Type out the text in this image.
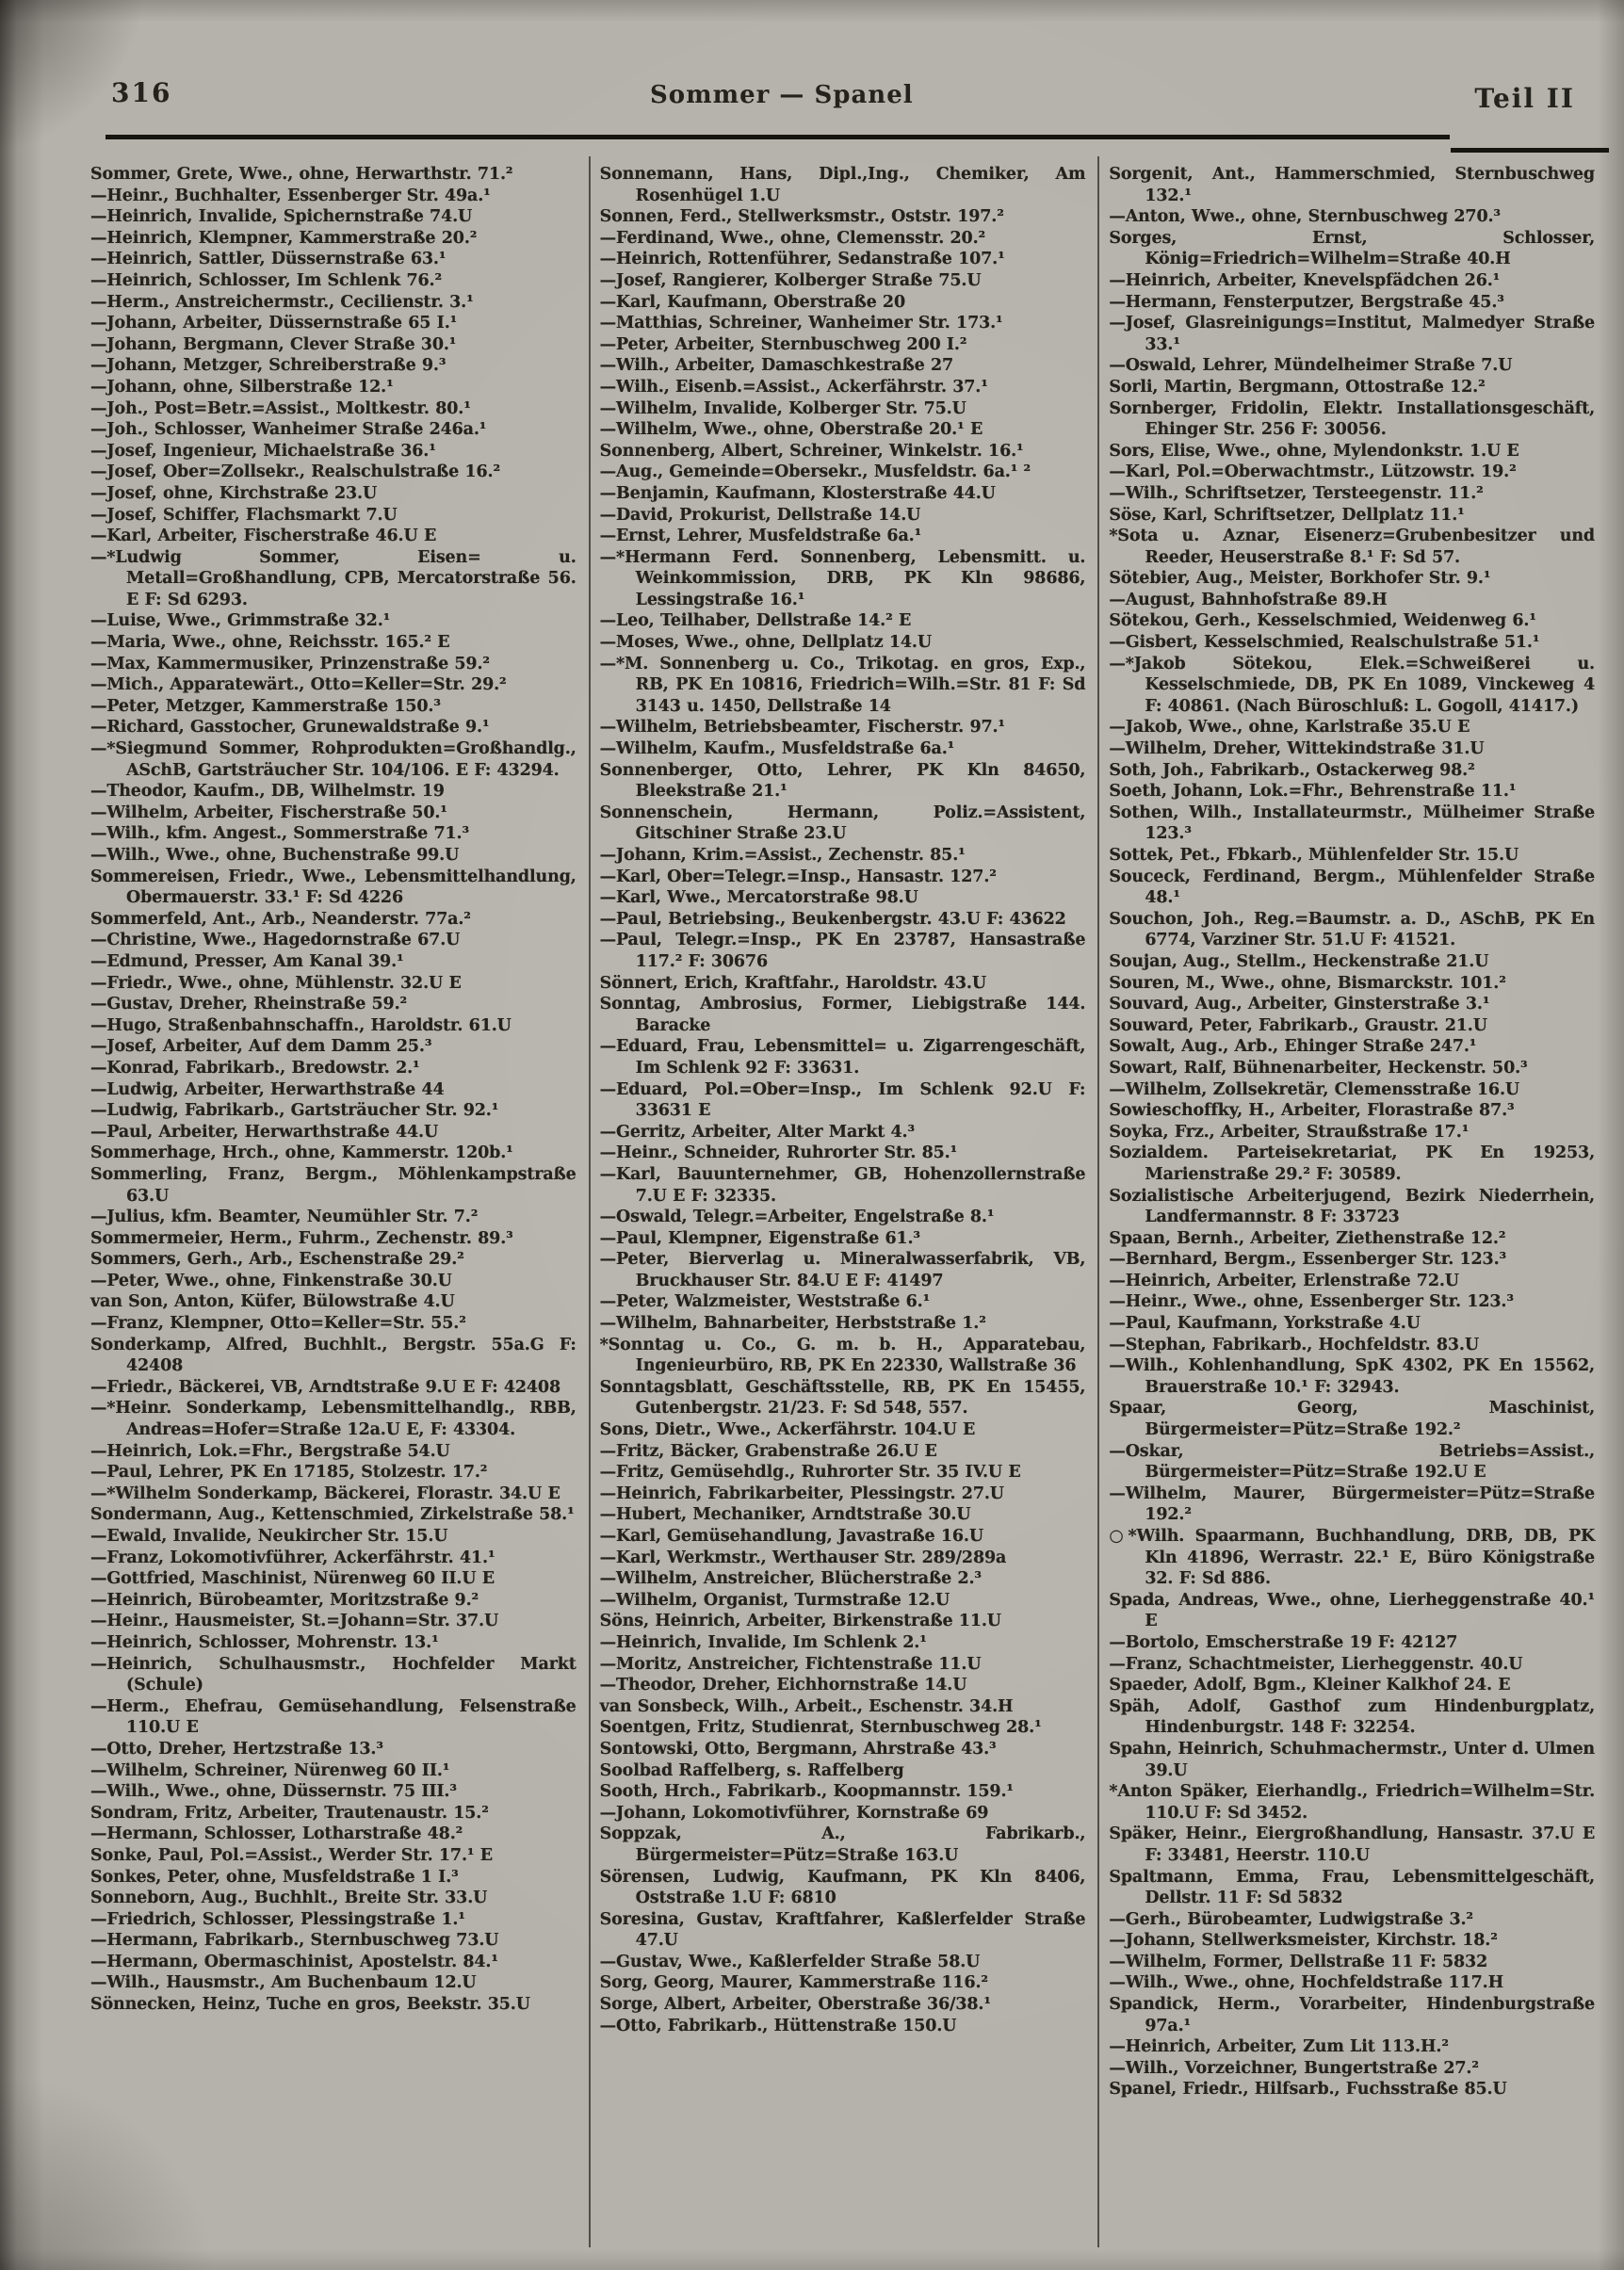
316	Sommer — Spanel	Teil II

Sommer, Grete, Wwe., ohne, Herwarthstr. 71.²

—Heinr., Buchhalter, Essenberger Str. 49a.¹

—Heinrich, Invalide, Spichernstraße 74.U

—Heinrich, Klempner, Kammerstraße 20.²

—Heinrich, Sattler, Düssernstraße 63.¹

—Heinrich, Schlosser, Im Schlenk 76.²

—Herm., Anstreichermstr., Cecilienstr. 3.¹

—Johann, Arbeiter, Düssernstraße 65 I.¹

—Johann, Bergmann, Clever Straße 30.¹

—Johann, Metzger, Schreiberstraße 9.³

—Johann, ohne, Silberstraße 12.¹

—Joh., Post=Betr.=Assist., Moltkestr. 80.¹

—Joh., Schlosser, Wanheimer Straße 246a.¹

—Josef, Ingenieur, Michaelstraße 36.¹

—Josef, Ober=Zollsekr., Realschulstraße 16.²

—Josef, ohne, Kirchstraße 23.U

—Josef, Schiffer, Flachsmarkt 7.U

—Karl, Arbeiter, Fischerstraße 46.U E

—*Ludwig Sommer, Eisen= u. Metall=Großhandlung, CPB, Mercatorstraße 56. E F: Sd 6293.

—Luise, Wwe., Grimmstraße 32.¹

—Maria, Wwe., ohne, Reichsstr. 165.² E

—Max, Kammermusiker, Prinzenstraße 59.²

—Mich., Apparatewärt., Otto=Keller=Str. 29.²

—Peter, Metzger, Kammerstraße 150.³

—Richard, Gasstocher, Grunewaldstraße 9.¹

—*Siegmund Sommer, Rohprodukten=Großhandlg., ASchB, Gartsträucher Str. 104/106. E F: 43294.

—Theodor, Kaufm., DB, Wilhelmstr. 19

—Wilhelm, Arbeiter, Fischerstraße 50.¹

—Wilh., kfm. Angest., Sommerstraße 71.³

—Wilh., Wwe., ohne, Buchenstraße 99.U

Sommereisen, Friedr., Wwe., Lebensmittelhandlung, Obermauerstr. 33.¹ F: Sd 4226

Sommerfeld, Ant., Arb., Neanderstr. 77a.²

—Christine, Wwe., Hagedornstraße 67.U

—Edmund, Presser, Am Kanal 39.¹

—Friedr., Wwe., ohne, Mühlenstr. 32.U E

—Gustav, Dreher, Rheinstraße 59.²

—Hugo, Straßenbahnschaffn., Haroldstr. 61.U

—Josef, Arbeiter, Auf dem Damm 25.³

—Konrad, Fabrikarb., Bredowstr. 2.¹

—Ludwig, Arbeiter, Herwarthstraße 44

—Ludwig, Fabrikarb., Gartsträucher Str. 92.¹

—Paul, Arbeiter, Herwarthstraße 44.U

Sommerhage, Hrch., ohne, Kammerstr. 120b.¹

Sommerling, Franz, Bergm., Möhlenkampstraße 63.U

—Julius, kfm. Beamter, Neumühler Str. 7.²

Sommermeier, Herm., Fuhrm., Zechenstr. 89.³

Sommers, Gerh., Arb., Eschenstraße 29.²

—Peter, Wwe., ohne, Finkenstraße 30.U

van Son, Anton, Küfer, Bülowstraße 4.U

—Franz, Klempner, Otto=Keller=Str. 55.²

Sonderkamp, Alfred, Buchhlt., Bergstr. 55a.G F: 42408

—Friedr., Bäckerei, VB, Arndtstraße 9.U E F: 42408

—*Heinr. Sonderkamp, Lebensmittelhandlg., RBB, Andreas=Hofer=Straße 12a.U E, F: 43304.

—Heinrich, Lok.=Fhr., Bergstraße 54.U

—Paul, Lehrer, PK En 17185, Stolzestr. 17.²

—*Wilhelm Sonderkamp, Bäckerei, Florastr. 34.U E

Sondermann, Aug., Kettenschmied, Zirkelstraße 58.¹

—Ewald, Invalide, Neukircher Str. 15.U

—Franz, Lokomotivführer, Ackerfährstr. 41.¹

—Gottfried, Maschinist, Nürenweg 60 II.U E

—Heinrich, Bürobeamter, Moritzstraße 9.²

—Heinr., Hausmeister, St.=Johann=Str. 37.U

—Heinrich, Schlosser, Mohrenstr. 13.¹

—Heinrich, Schulhausmstr., Hochfelder Markt (Schule)

—Herm., Ehefrau, Gemüsehandlung, Felsenstraße 110.U E

—Otto, Dreher, Hertzstraße 13.³

—Wilhelm, Schreiner, Nürenweg 60 II.¹

—Wilh., Wwe., ohne, Düssernstr. 75 III.³

Sondram, Fritz, Arbeiter, Trautenaustr. 15.²

—Hermann, Schlosser, Lotharstraße 48.²

Sonke, Paul, Pol.=Assist., Werder Str. 17.¹ E

Sonkes, Peter, ohne, Musfeldstraße 1 I.³

Sonneborn, Aug., Buchhlt., Breite Str. 33.U

—Friedrich, Schlosser, Plessingstraße 1.¹

—Hermann, Fabrikarb., Sternbuschweg 73.U

—Hermann, Obermaschinist, Apostelstr. 84.¹

—Wilh., Hausmstr., Am Buchenbaum 12.U

Sönnecken, Heinz, Tuche en gros, Beekstr. 35.U

Sonnemann, Hans, Dipl.,Ing., Chemiker, Am Rosenhügel 1.U

Sonnen, Ferd., Stellwerksmstr., Oststr. 197.²

—Ferdinand, Wwe., ohne, Clemensstr. 20.²

—Heinrich, Rottenführer, Sedanstraße 107.¹

—Josef, Rangierer, Kolberger Straße 75.U

—Karl, Kaufmann, Oberstraße 20

—Matthias, Schreiner, Wanheimer Str. 173.¹

—Peter, Arbeiter, Sternbuschweg 200 I.²

—Wilh., Arbeiter, Damaschkestraße 27

—Wilh., Eisenb.=Assist., Ackerfährstr. 37.¹

—Wilhelm, Invalide, Kolberger Str. 75.U

—Wilhelm, Wwe., ohne, Oberstraße 20.¹ E

Sonnenberg, Albert, Schreiner, Winkelstr. 16.¹

—Aug., Gemeinde=Obersekr., Musfeldstr. 6a.¹ ²

—Benjamin, Kaufmann, Klosterstraße 44.U

—David, Prokurist, Dellstraße 14.U

—Ernst, Lehrer, Musfeldstraße 6a.¹

—*Hermann Ferd. Sonnenberg, Lebensmitt. u. Weinkommission, DRB, PK Kln 98686, Lessingstraße 16.¹

—Leo, Teilhaber, Dellstraße 14.² E

—Moses, Wwe., ohne, Dellplatz 14.U

—*M. Sonnenberg u. Co., Trikotag. en gros, Exp., RB, PK En 10816, Friedrich=Wilh.=Str. 81 F: Sd 3143 u. 1450, Dellstraße 14

—Wilhelm, Betriebsbeamter, Fischerstr. 97.¹

—Wilhelm, Kaufm., Musfeldstraße 6a.¹

Sonnenberger, Otto, Lehrer, PK Kln 84650, Bleekstraße 21.¹

Sonnenschein, Hermann, Poliz.=Assistent, Gitschiner Straße 23.U

—Johann, Krim.=Assist., Zechenstr. 85.¹

—Karl, Ober=Telegr.=Insp., Hansastr. 127.²

—Karl, Wwe., Mercatorstraße 98.U

—Paul, Betriebsing., Beukenbergstr. 43.U F: 43622

—Paul, Telegr.=Insp., PK En 23787, Hansastraße 117.² F: 30676

Sönnert, Erich, Kraftfahr., Haroldstr. 43.U

Sonntag, Ambrosius, Former, Liebigstraße 144. Baracke

—Eduard, Frau, Lebensmittel= u. Zigarrengeschäft, Im Schlenk 92 F: 33631.

—Eduard, Pol.=Ober=Insp., Im Schlenk 92.U F: 33631 E

—Gerritz, Arbeiter, Alter Markt 4.³

—Heinr., Schneider, Ruhrorter Str. 85.¹

—Karl, Bauunternehmer, GB, Hohenzollernstraße 7.U E F: 32335.

—Oswald, Telegr.=Arbeiter, Engelstraße 8.¹

—Paul, Klempner, Eigenstraße 61.³

—Peter, Bierverlag u. Mineralwasserfabrik, VB, Bruckhauser Str. 84.U E F: 41497

—Peter, Walzmeister, Weststraße 6.¹

—Wilhelm, Bahnarbeiter, Herbststraße 1.²

*Sonntag u. Co., G. m. b. H., Apparatebau, Ingenieurbüro, RB, PK En 22330, Wallstraße 36

Sonntagsblatt, Geschäftsstelle, RB, PK En 15455, Gutenbergstr. 21/23. F: Sd 548, 557.

Sons, Dietr., Wwe., Ackerfährstr. 104.U E

—Fritz, Bäcker, Grabenstraße 26.U E

—Fritz, Gemüsehdlg., Ruhrorter Str. 35 IV.U E

—Heinrich, Fabrikarbeiter, Plessingstr. 27.U

—Hubert, Mechaniker, Arndtstraße 30.U

—Karl, Gemüsehandlung, Javastraße 16.U

—Karl, Werkmstr., Werthauser Str. 289/289a

—Wilhelm, Anstreicher, Blücherstraße 2.³

—Wilhelm, Organist, Turmstraße 12.U

Söns, Heinrich, Arbeiter, Birkenstraße 11.U

—Heinrich, Invalide, Im Schlenk 2.¹

—Moritz, Anstreicher, Fichtenstraße 11.U

—Theodor, Dreher, Eichhornstraße 14.U

van Sonsbeck, Wilh., Arbeit., Eschenstr. 34.H

Soentgen, Fritz, Studienrat, Sternbuschweg 28.¹

Sontowski, Otto, Bergmann, Ahrstraße 43.³

Soolbad Raffelberg, s. Raffelberg

Sooth, Hrch., Fabrikarb., Koopmannstr. 159.¹

—Johann, Lokomotivführer, Kornstraße 69

Soppzak, A., Fabrikarb., Bürgermeister=Pütz=Straße 163.U

Sörensen, Ludwig, Kaufmann, PK Kln 8406, Oststraße 1.U F: 6810

Soresina, Gustav, Kraftfahrer, Kaßlerfelder Straße 47.U

—Gustav, Wwe., Kaßlerfelder Straße 58.U

Sorg, Georg, Maurer, Kammerstraße 116.²

Sorge, Albert, Arbeiter, Oberstraße 36/38.¹

—Otto, Fabrikarb., Hüttenstraße 150.U

Sorgenit, Ant., Hammerschmied, Sternbuschweg 132.¹

—Anton, Wwe., ohne, Sternbuschweg 270.³

Sorges, Ernst, Schlosser, König=Friedrich=Wilhelm=Straße 40.H

—Heinrich, Arbeiter, Knevelspfädchen 26.¹

—Hermann, Fensterputzer, Bergstraße 45.³

—Josef, Glasreinigungs=Institut, Malmedyer Straße 33.¹

—Oswald, Lehrer, Mündelheimer Straße 7.U

Sorli, Martin, Bergmann, Ottostraße 12.²

Sornberger, Fridolin, Elektr. Installationsgeschäft, Ehinger Str. 256 F: 30056.

Sors, Elise, Wwe., ohne, Mylendonkstr. 1.U E

—Karl, Pol.=Oberwachtmstr., Lützowstr. 19.²

—Wilh., Schriftsetzer, Tersteegenstr. 11.²

Söse, Karl, Schriftsetzer, Dellplatz 11.¹

*Sota u. Aznar, Eisenerz=Grubenbesitzer und Reeder, Heuserstraße 8.¹ F: Sd 57.

Sötebier, Aug., Meister, Borkhofer Str. 9.¹

—August, Bahnhofstraße 89.H

Sötekou, Gerh., Kesselschmied, Weidenweg 6.¹

—Gisbert, Kesselschmied, Realschulstraße 51.¹

—*Jakob Sötekou, Elek.=Schweißerei u. Kesselschmiede, DB, PK En 1089, Vinckeweg 4 F: 40861. (Nach Büroschluß: L. Gogoll, 41417.)

—Jakob, Wwe., ohne, Karlstraße 35.U E

—Wilhelm, Dreher, Wittekindstraße 31.U

Soth, Joh., Fabrikarb., Ostackerweg 98.²

Soeth, Johann, Lok.=Fhr., Behrenstraße 11.¹

Sothen, Wilh., Installateurmstr., Mülheimer Straße 123.³

Sottek, Pet., Fbkarb., Mühlenfelder Str. 15.U

Souceck, Ferdinand, Bergm., Mühlenfelder Straße 48.¹

Souchon, Joh., Reg.=Baumstr. a. D., ASchB, PK En 6774, Varziner Str. 51.U F: 41521.

Soujan, Aug., Stellm., Heckenstraße 21.U

Souren, M., Wwe., ohne, Bismarckstr. 101.²

Souvard, Aug., Arbeiter, Ginsterstraße 3.¹

Souward, Peter, Fabrikarb., Graustr. 21.U

Sowalt, Aug., Arb., Ehinger Straße 247.¹

Sowart, Ralf, Bühnenarbeiter, Heckenstr. 50.³

—Wilhelm, Zollsekretär, Clemensstraße 16.U

Sowieschoffky, H., Arbeiter, Florastraße 87.³

Soyka, Frz., Arbeiter, Straußstraße 17.¹

Sozialdem. Parteisekretariat, PK En 19253, Marienstraße 29.² F: 30589.

Sozialistische Arbeiterjugend, Bezirk Niederrhein, Landfermannstr. 8 F: 33723

Spaan, Bernh., Arbeiter, Ziethenstraße 12.²

—Bernhard, Bergm., Essenberger Str. 123.³

—Heinrich, Arbeiter, Erlenstraße 72.U

—Heinr., Wwe., ohne, Essenberger Str. 123.³

—Paul, Kaufmann, Yorkstraße 4.U

—Stephan, Fabrikarb., Hochfeldstr. 83.U

—Wilh., Kohlenhandlung, SpK 4302, PK En 15562, Brauerstraße 10.¹ F: 32943.

Spaar, Georg, Maschinist, Bürgermeister=Pütz=Straße 192.²

—Oskar, Betriebs=Assist., Bürgermeister=Pütz=Straße 192.U E

—Wilhelm, Maurer, Bürgermeister=Pütz=Straße 192.²

○*Wilh. Spaarmann, Buchhandlung, DRB, DB, PK Kln 41896, Werrastr. 22.¹ E, Büro Königstraße 32. F: Sd 886.

Spada, Andreas, Wwe., ohne, Lierheggenstraße 40.¹ E

—Bortolo, Emscherstraße 19 F: 42127

—Franz, Schachtmeister, Lierheggenstr. 40.U

Spaeder, Adolf, Bgm., Kleiner Kalkhof 24. E

Späh, Adolf, Gasthof zum Hindenburgplatz, Hindenburgstr. 148 F: 32254.

Spahn, Heinrich, Schuhmachermstr., Unter d. Ulmen 39.U

*Anton Späker, Eierhandlg., Friedrich=Wilhelm=Str. 110.U F: Sd 3452.

Späker, Heinr., Eiergroßhandlung, Hansastr. 37.U E F: 33481, Heerstr. 110.U

Spaltmann, Emma, Frau, Lebensmittelgeschäft, Dellstr. 11 F: Sd 5832

—Gerh., Bürobeamter, Ludwigstraße 3.²

—Johann, Stellwerksmeister, Kirchstr. 18.²

—Wilhelm, Former, Dellstraße 11 F: 5832

—Wilh., Wwe., ohne, Hochfeldstraße 117.H

Spandick, Herm., Vorarbeiter, Hindenburgstraße 97a.¹

—Heinrich, Arbeiter, Zum Lit 113.H.²

—Wilh., Vorzeichner, Bungertstraße 27.²

Spanel, Friedr., Hilfsarb., Fuchsstraße 85.U
